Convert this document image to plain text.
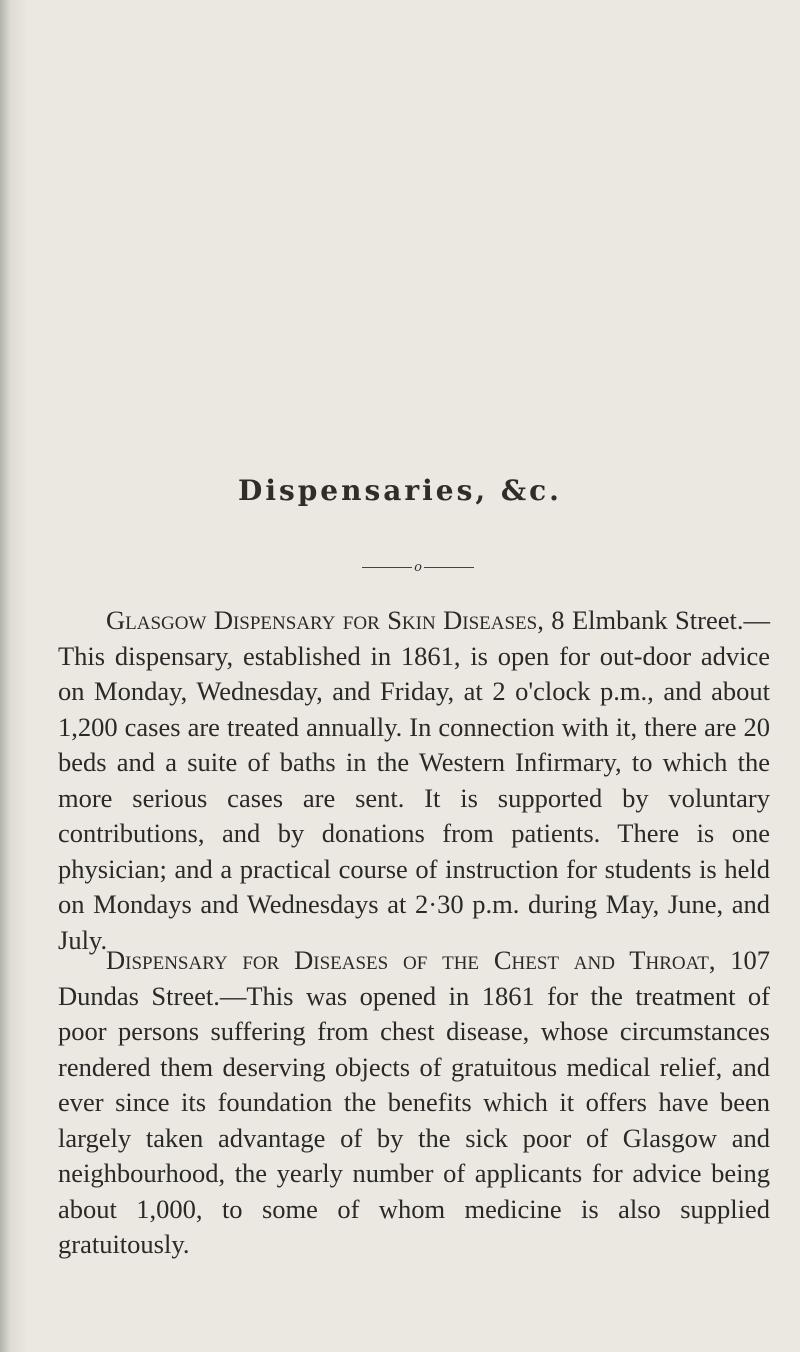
Dispensaries, &c.
o

Glasgow Dispensary for Skin Diseases, 8 Elmbank Street.—This dispensary, established in 1861, is open for out-door advice on Monday, Wednesday, and Friday, at 2 o'clock p.m., and about 1,200 cases are treated annually. In connection with it, there are 20 beds and a suite of baths in the Western Infirmary, to which the more serious cases are sent. It is supported by voluntary contributions, and by donations from patients. There is one physician; and a practical course of instruction for students is held on Mondays and Wednesdays at 2·30 p.m. during May, June, and July.

Dispensary for Diseases of the Chest and Throat, 107 Dundas Street.—This was opened in 1861 for the treatment of poor persons suffering from chest disease, whose circumstances rendered them deserving objects of gratuitous medical relief, and ever since its foundation the benefits which it offers have been largely taken advantage of by the sick poor of Glasgow and neighbourhood, the yearly number of applicants for advice being about 1,000, to some of whom medicine is also supplied gratuitously.
